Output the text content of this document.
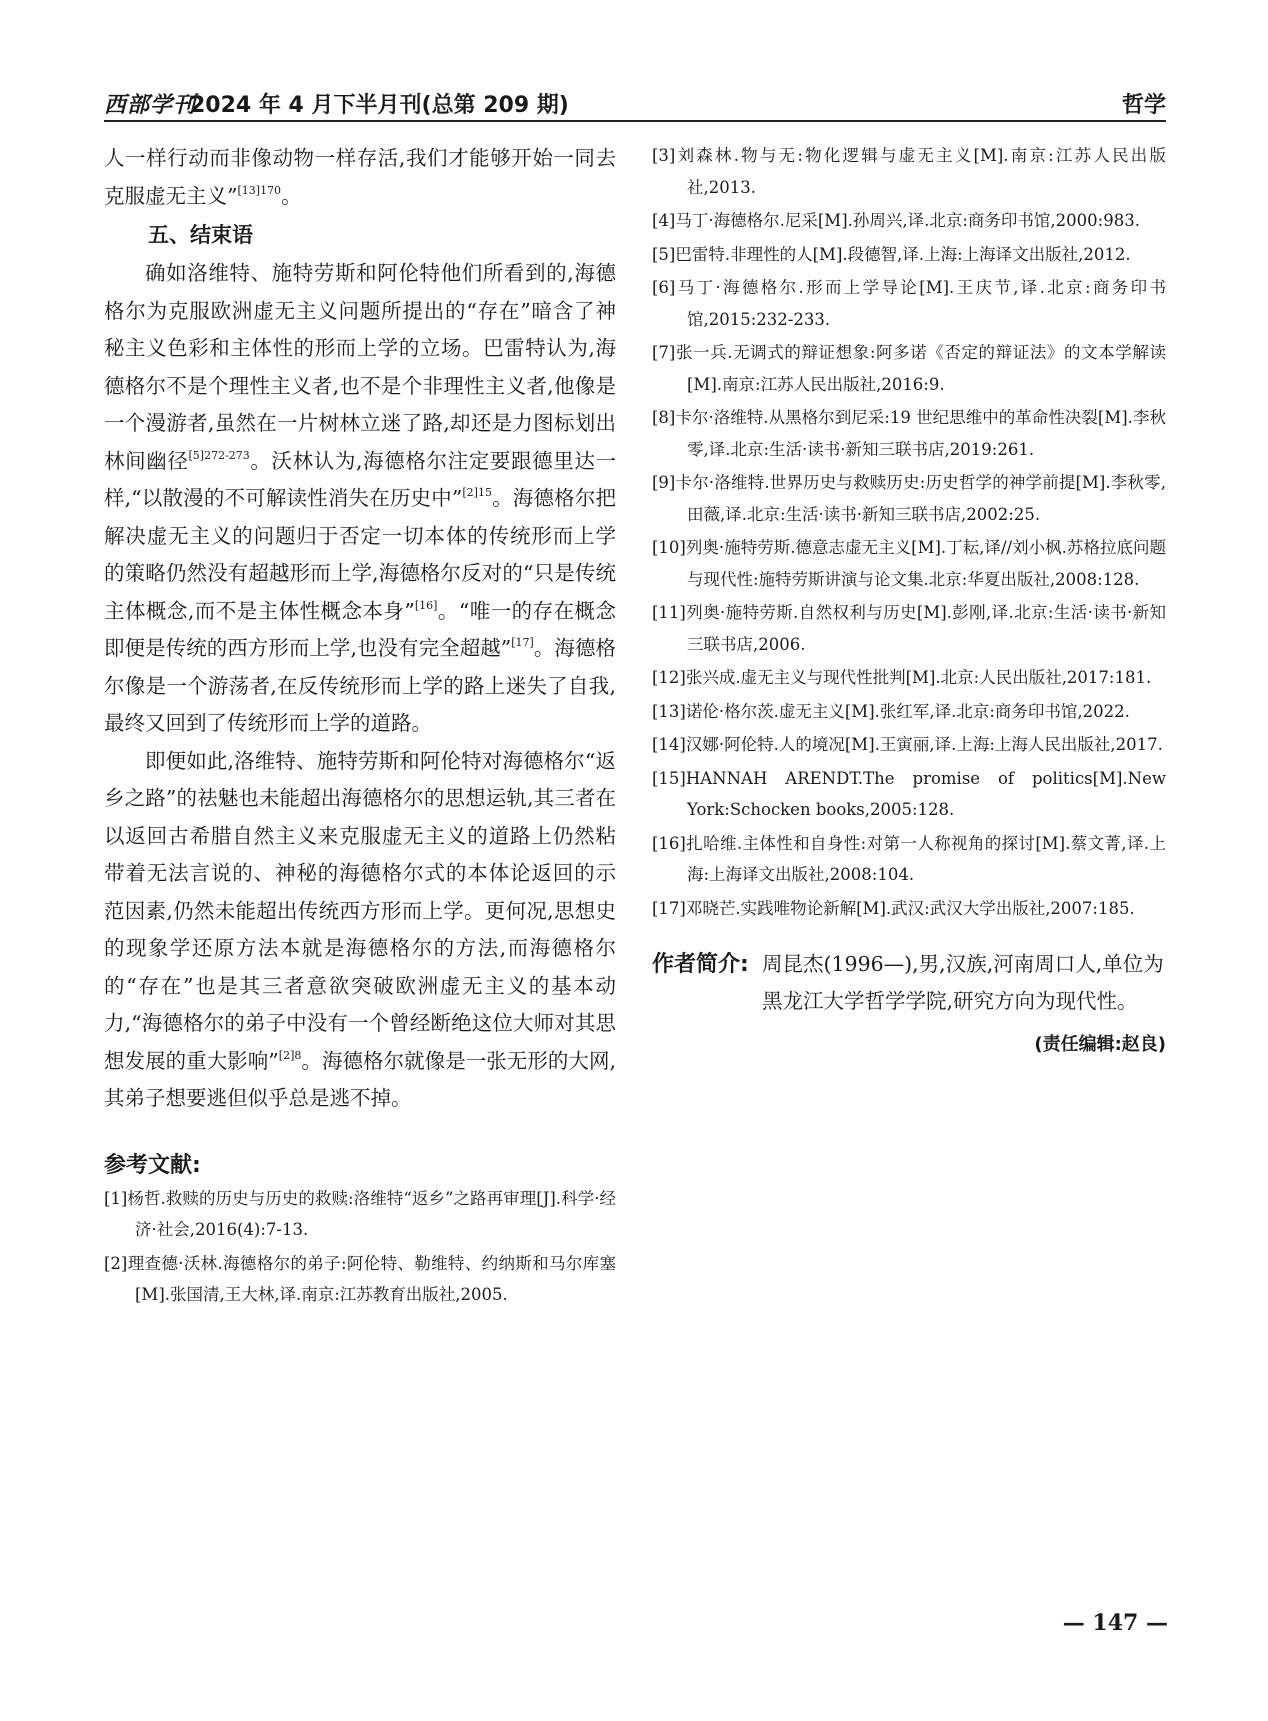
西部学刊
2024 年 4 月下半月刊(总第 209 期)	哲学

人一样行动而非像动物一样存活,我们才能够开始一同去克服虚无主义”$^{[13]170}$。

五、结束语

确如洛维特、施特劳斯和阿伦特他们所看到的,海德格尔为克服欧洲虚无主义问题所提出的“存在”暗含了神秘主义色彩和主体性的形而上学的立场。巴雷特认为,海德格尔不是个理性主义者,也不是个非理性主义者,他像是一个漫游者,虽然在一片树林立迷了路,却还是力图标划出林间幽径$^{[5]272-273}$。沃林认为,海德格尔注定要跟德里达一样,“以散漫的不可解读性消失在历史中”$^{[2]15}$。海德格尔把解决虚无主义的问题归于否定一切本体的传统形而上学的策略仍然没有超越形而上学,海德格尔反对的“只是传统主体概念,而不是主体性概念本身”[16]。“唯一的存在概念即便是传统的西方形而上学,也没有完全超越”[17]。海德格尔像是一个游荡者,在反传统形而上学的路上迷失了自我,最终又回到了传统形而上学的道路。

即便如此,洛维特、施特劳斯和阿伦特对海德格尔“返乡之路”的祛魅也未能超出海德格尔的思想运轨,其三者在以返回古希腊自然主义来克服虚无主义的道路上仍然粘带着无法言说的、神秘的海德格尔式的本体论返回的示范因素,仍然未能超出传统西方形而上学。更何况,思想史的现象学还原方法本就是海德格尔的方法,而海德格尔的“存在”也是其三者意欲突破欧洲虚无主义的基本动力,“海德格尔的弟子中没有一个曾经断绝这位大师对其思想发展的重大影响”$^{[2]8}$。海德格尔就像是一张无形的大网,其弟子想要逃但似乎总是逃不掉。

参考文献:
[1]杨哲.救赎的历史与历史的救赎:洛维特“返乡”之路再审理[J].科学·经济·社会,2016(4):7-13.
[2]理查德·沃林.海德格尔的弟子:阿伦特、勒维特、约纳斯和马尔库塞[M].张国清,王大林,译.南京:江苏教育出版社,2005.
[3]刘森林.物与无:物化逻辑与虚无主义[M].南京:江苏人民出版社,2013.
[4]马丁·海德格尔.尼采[M].孙周兴,译.北京:商务印书馆,2000:983.
[5]巴雷特.非理性的人[M].段德智,译.上海:上海译文出版社,2012.
[6]马丁·海德格尔.形而上学导论[M].王庆节,译.北京:商务印书馆,2015:232-233.
[7]张一兵.无调式的辩证想象:阿多诺《否定的辩证法》的文本学解读[M].南京:江苏人民出版社,2016:9.
[8]卡尔·洛维特.从黑格尔到尼采:19 世纪思维中的革命性决裂[M].李秋零,译.北京:生活·读书·新知三联书店,2019:261.
[9]卡尔·洛维特.世界历史与救赎历史:历史哲学的神学前提[M].李秋零,田薇,译.北京:生活·读书·新知三联书店,2002:25.
[10]列奥·施特劳斯.德意志虚无主义[M].丁耘,译//刘小枫.苏格拉底问题与现代性:施特劳斯讲演与论文集.北京:华夏出版社,2008:128.
[11]列奥·施特劳斯.自然权利与历史[M].彭刚,译.北京:生活·读书·新知三联书店,2006.
[12]张兴成.虚无主义与现代性批判[M].北京:人民出版社,2017:181.
[13]诺伦·格尔茨.虚无主义[M].张红军,译.北京:商务印书馆,2022.
[14]汉娜·阿伦特.人的境况[M].王寅丽,译.上海:上海人民出版社,2017.
[15]HANNAH ARENDT.The promise of politics[M].New York:Schocken books,2005:128.
[16]扎哈维.主体性和自身性:对第一人称视角的探讨[M].蔡文菁,译.上海:上海译文出版社,2008:104.
[17]邓晓芒.实践唯物论新解[M].武汉:武汉大学出版社,2007:185.
作者简介: 周昆杰(1996—),男,汉族,河南周口人,单位为黑龙江大学哲学学院,研究方向为现代性。
(责任编辑:赵良)
— 147 —
